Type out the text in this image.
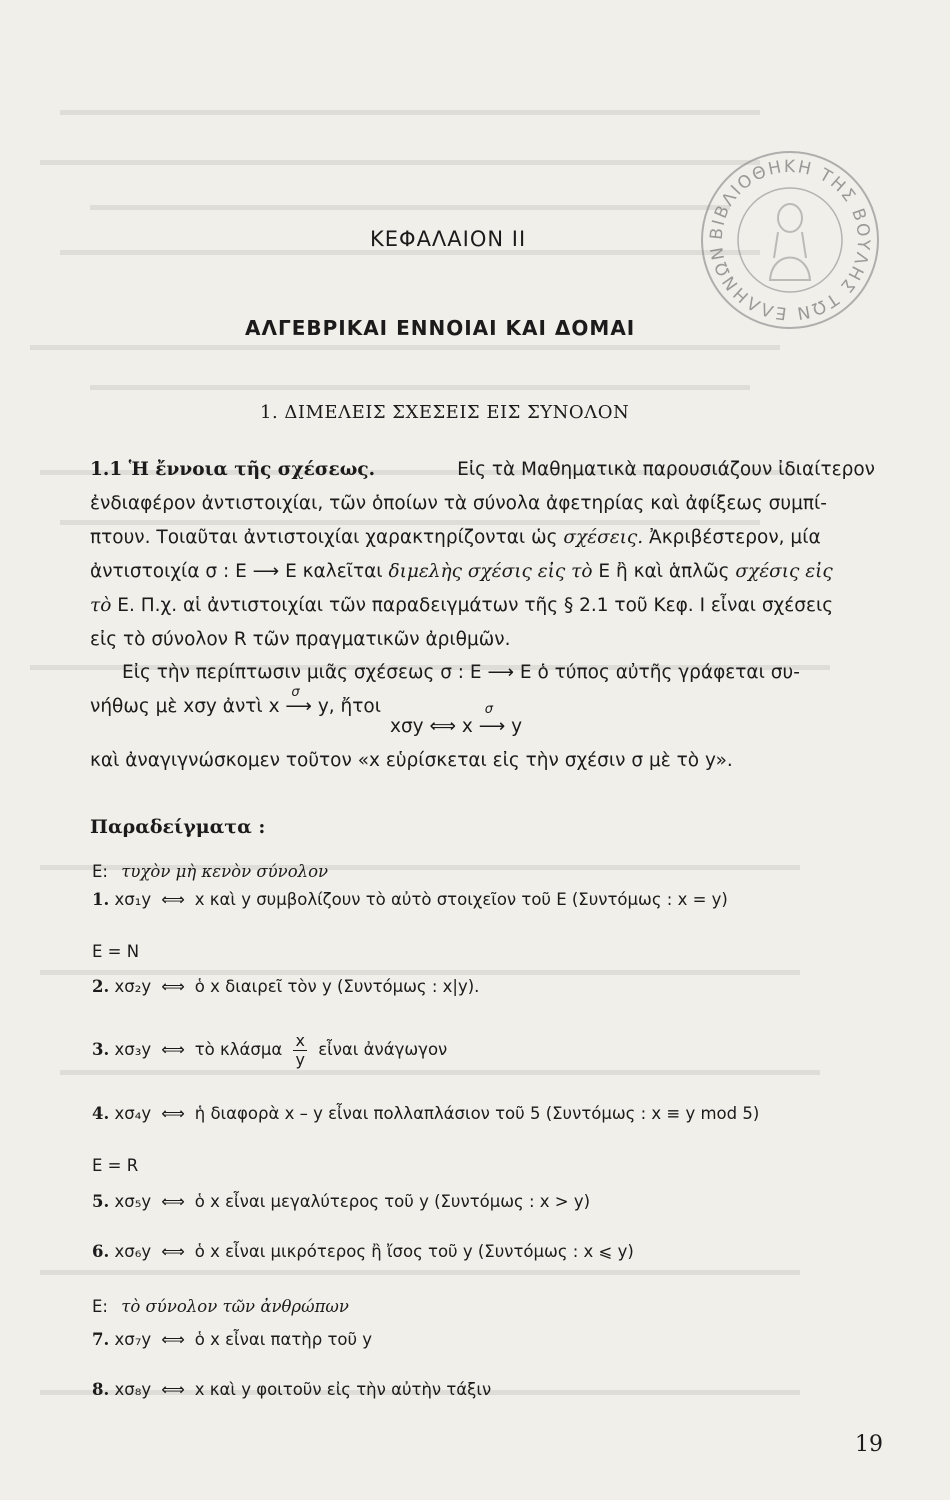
ΒΙΒΛΙΟΘΗΚΗ ΤΗΣ ΒΟΥΛΗΣ ΤΩΝ ΕΛΛΗΝΩΝ
ΚΕΦΑΛΑΙΟΝ II
ΑΛΓΕΒΡΙΚΑΙ ΕΝΝΟΙΑΙ ΚΑΙ ΔΟΜΑΙ
1. ΔΙΜΕΛΕΙΣ ΣΧΕΣΕΙΣ ΕΙΣ ΣΥΝΟΛΟΝ
1.1 Ἡ ἔννοια τῆς σχέσεως.	Εἰς τὰ Μαθηματικὰ παρουσιάζουν ἰδιαίτερον
ἐνδιαφέρον ἀντιστοιχίαι, τῶν ὁποίων τὰ σύνολα ἀφετηρίας καὶ ἀφίξεως συμπί-
πτουν. Τοιαῦται ἀντιστοιχίαι χαρακτηρίζονται ὡς σχέσεις. Ἀκριβέστερον, μία
ἀντιστοιχία σ : Ε ⟶ Ε καλεῖται διμελὴς σχέσις εἰς τὸ Ε ἢ καὶ ἁπλῶς σχέσις εἰς
τὸ Ε. Π.χ. αἱ ἀντιστοιχίαι τῶν παραδειγμάτων τῆς § 2.1 τοῦ Κεφ. Ι εἶναι σχέσεις
εἰς τὸ σύνολον R τῶν πραγματικῶν ἀριθμῶν.
Εἰς τὴν περίπτωσιν μιᾶς σχέσεως σ : Ε ⟶ Ε ὁ τύπος αὐτῆς γράφεται συ-
νήθως μὲ xσy ἀντὶ x
σ
⟶ y, ἤτοι
xσy ⟺ x
σ
⟶ y
καὶ ἀναγιγνώσκομεν τοῦτον «x εὑρίσκεται εἰς τὴν σχέσιν σ μὲ τὸ y».
Παραδείγματα :
Ε: τυχὸν μὴ κενὸν σύνολον
1. xσ₁y ⟺ x καὶ y συμβολίζουν τὸ αὐτὸ στοιχεῖον τοῦ Ε (Συντόμως : x = y)
E = N
2. xσ₂y ⟺ ὁ x διαιρεῖ τὸν y (Συντόμως : x|y).
3. xσ₃y ⟺ τὸ κλάσμα $\frac{x}{y}$ εἶναι ἀνάγωγον
4. xσ₄y ⟺ ἡ διαφορὰ x – y εἶναι πολλαπλάσιον τοῦ 5 (Συντόμως : x ≡ y mod 5)
E = R
5. xσ₅y ⟺ ὁ x εἶναι μεγαλύτερος τοῦ y (Συντόμως : x > y)
6. xσ₆y ⟺ ὁ x εἶναι μικρότερος ἢ ἴσος τοῦ y (Συντόμως : x ⩽ y)
Ε: τὸ σύνολον τῶν ἀνθρώπων
7. xσ₇y ⟺ ὁ x εἶναι πατὴρ τοῦ y
8. xσ₈y ⟺ x καὶ y φοιτοῦν εἰς τὴν αὐτὴν τάξιν
19
